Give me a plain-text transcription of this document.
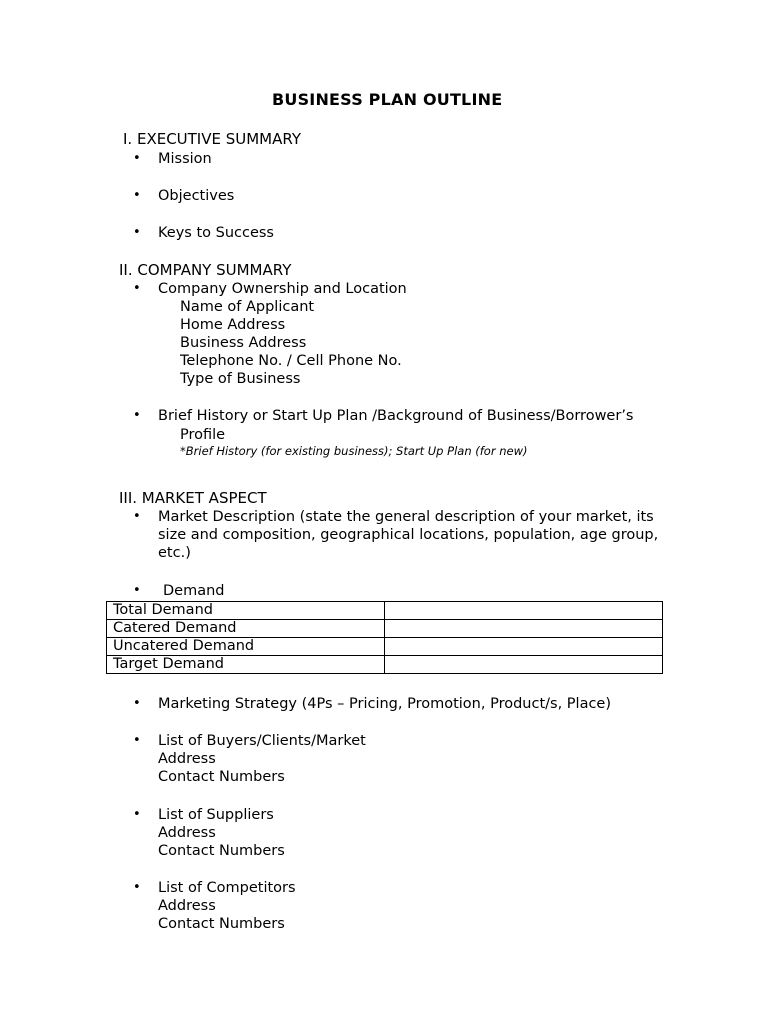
BUSINESS PLAN OUTLINE
I. EXECUTIVE SUMMARY
• Mission
• Objectives
• Keys to Success
II. COMPANY SUMMARY
• Company Ownership and Location
Name of Applicant
Home Address
Business Address
Telephone No. / Cell Phone No.
Type of Business
• Brief History or Start Up Plan /Background of Business/Borrower’s
Profile
*Brief History (for existing business); Start Up Plan (for new)
III. MARKET ASPECT
• Market Description (state the general description of your market, its
size and composition, geographical locations, population, age group,
etc.)
• Demand
Total Demand	
Catered Demand	
Uncatered Demand	
Target Demand	
• Marketing Strategy (4Ps – Pricing, Promotion, Product/s, Place)
• List of Buyers/Clients/Market
Address
Contact Numbers
• List of Suppliers
Address
Contact Numbers
• List of Competitors
Address
Contact Numbers
